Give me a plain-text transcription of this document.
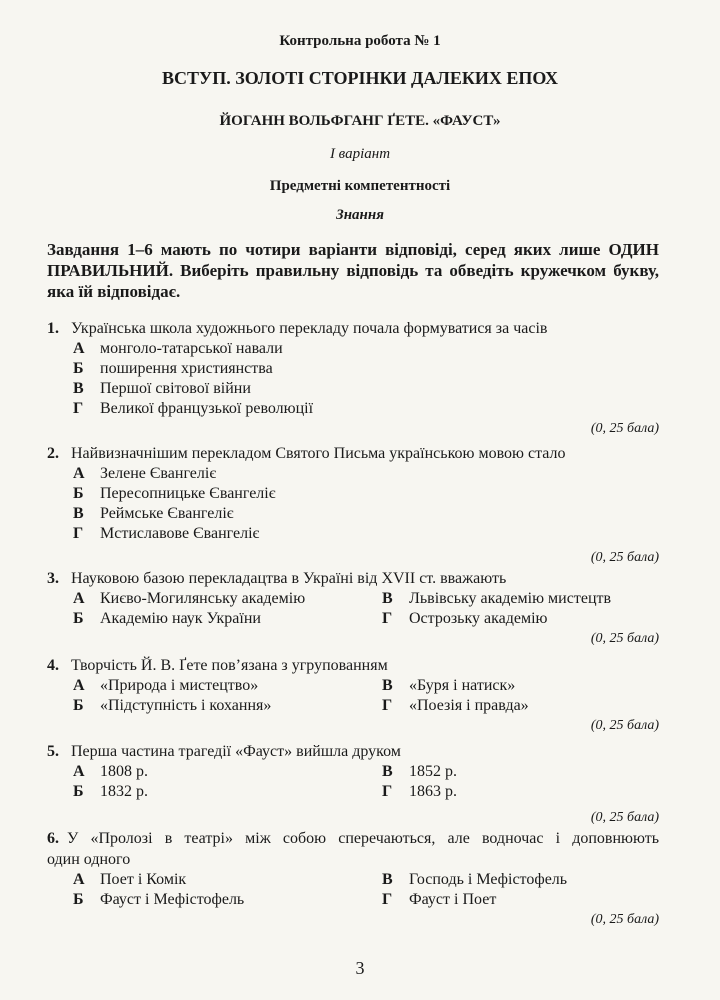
Контрольна робота № 1
ВСТУП. ЗОЛОТІ СТОРІНКИ ДАЛЕКИХ ЕПОХ
ЙОГАНН ВОЛЬФГАНГ ҐЕТЕ. «ФАУСТ»
І варіант
Предметні компетентності
Знання
Завдання 1–6 мають по чотири варіанти відповіді, серед яких лише ОДИН
ПРАВИЛЬНИЙ. Виберіть правильну відповідь та обведіть кружечком букву,
яка їй відповідає.
1. Українська школа художнього перекладу почала формуватися за часів
А монголо-татарської навали
Б поширення християнства
В Першої світової війни
Г Великої французької революції
(0, 25 бала)
2. Найвизначнішим перекладом Святого Письма українською мовою стало
А Зелене Євангеліє
Б Пересопницьке Євангеліє
В Реймське Євангеліє
Г Мстиславове Євангеліє
(0, 25 бала)
3. Науковою базою перекладацтва в Україні від XVII ст. вважають
А Києво-Могилянську академію	В Львівську академію мистецтв
Б Академію наук України	Г Острозьку академію
(0, 25 бала)
4. Творчість Й. В. Ґете пов’язана з угрупованням
А «Природа і мистецтво»	В «Буря і натиск»
Б «Підступність і кохання»	Г «Поезія і правда»
(0, 25 бала)
5. Перша частина трагедії «Фауст» вийшла друком
А 1808 р.	В 1852 р.
Б 1832 р.	Г 1863 р.
(0, 25 бала)
6. У «Пролозі в театрі» між собою сперечаються, але водночас і доповнюють
один одного
А Поет і Комік	В Господь і Мефістофель
Б Фауст і Мефістофель	Г Фауст і Поет
(0, 25 бала)
3
